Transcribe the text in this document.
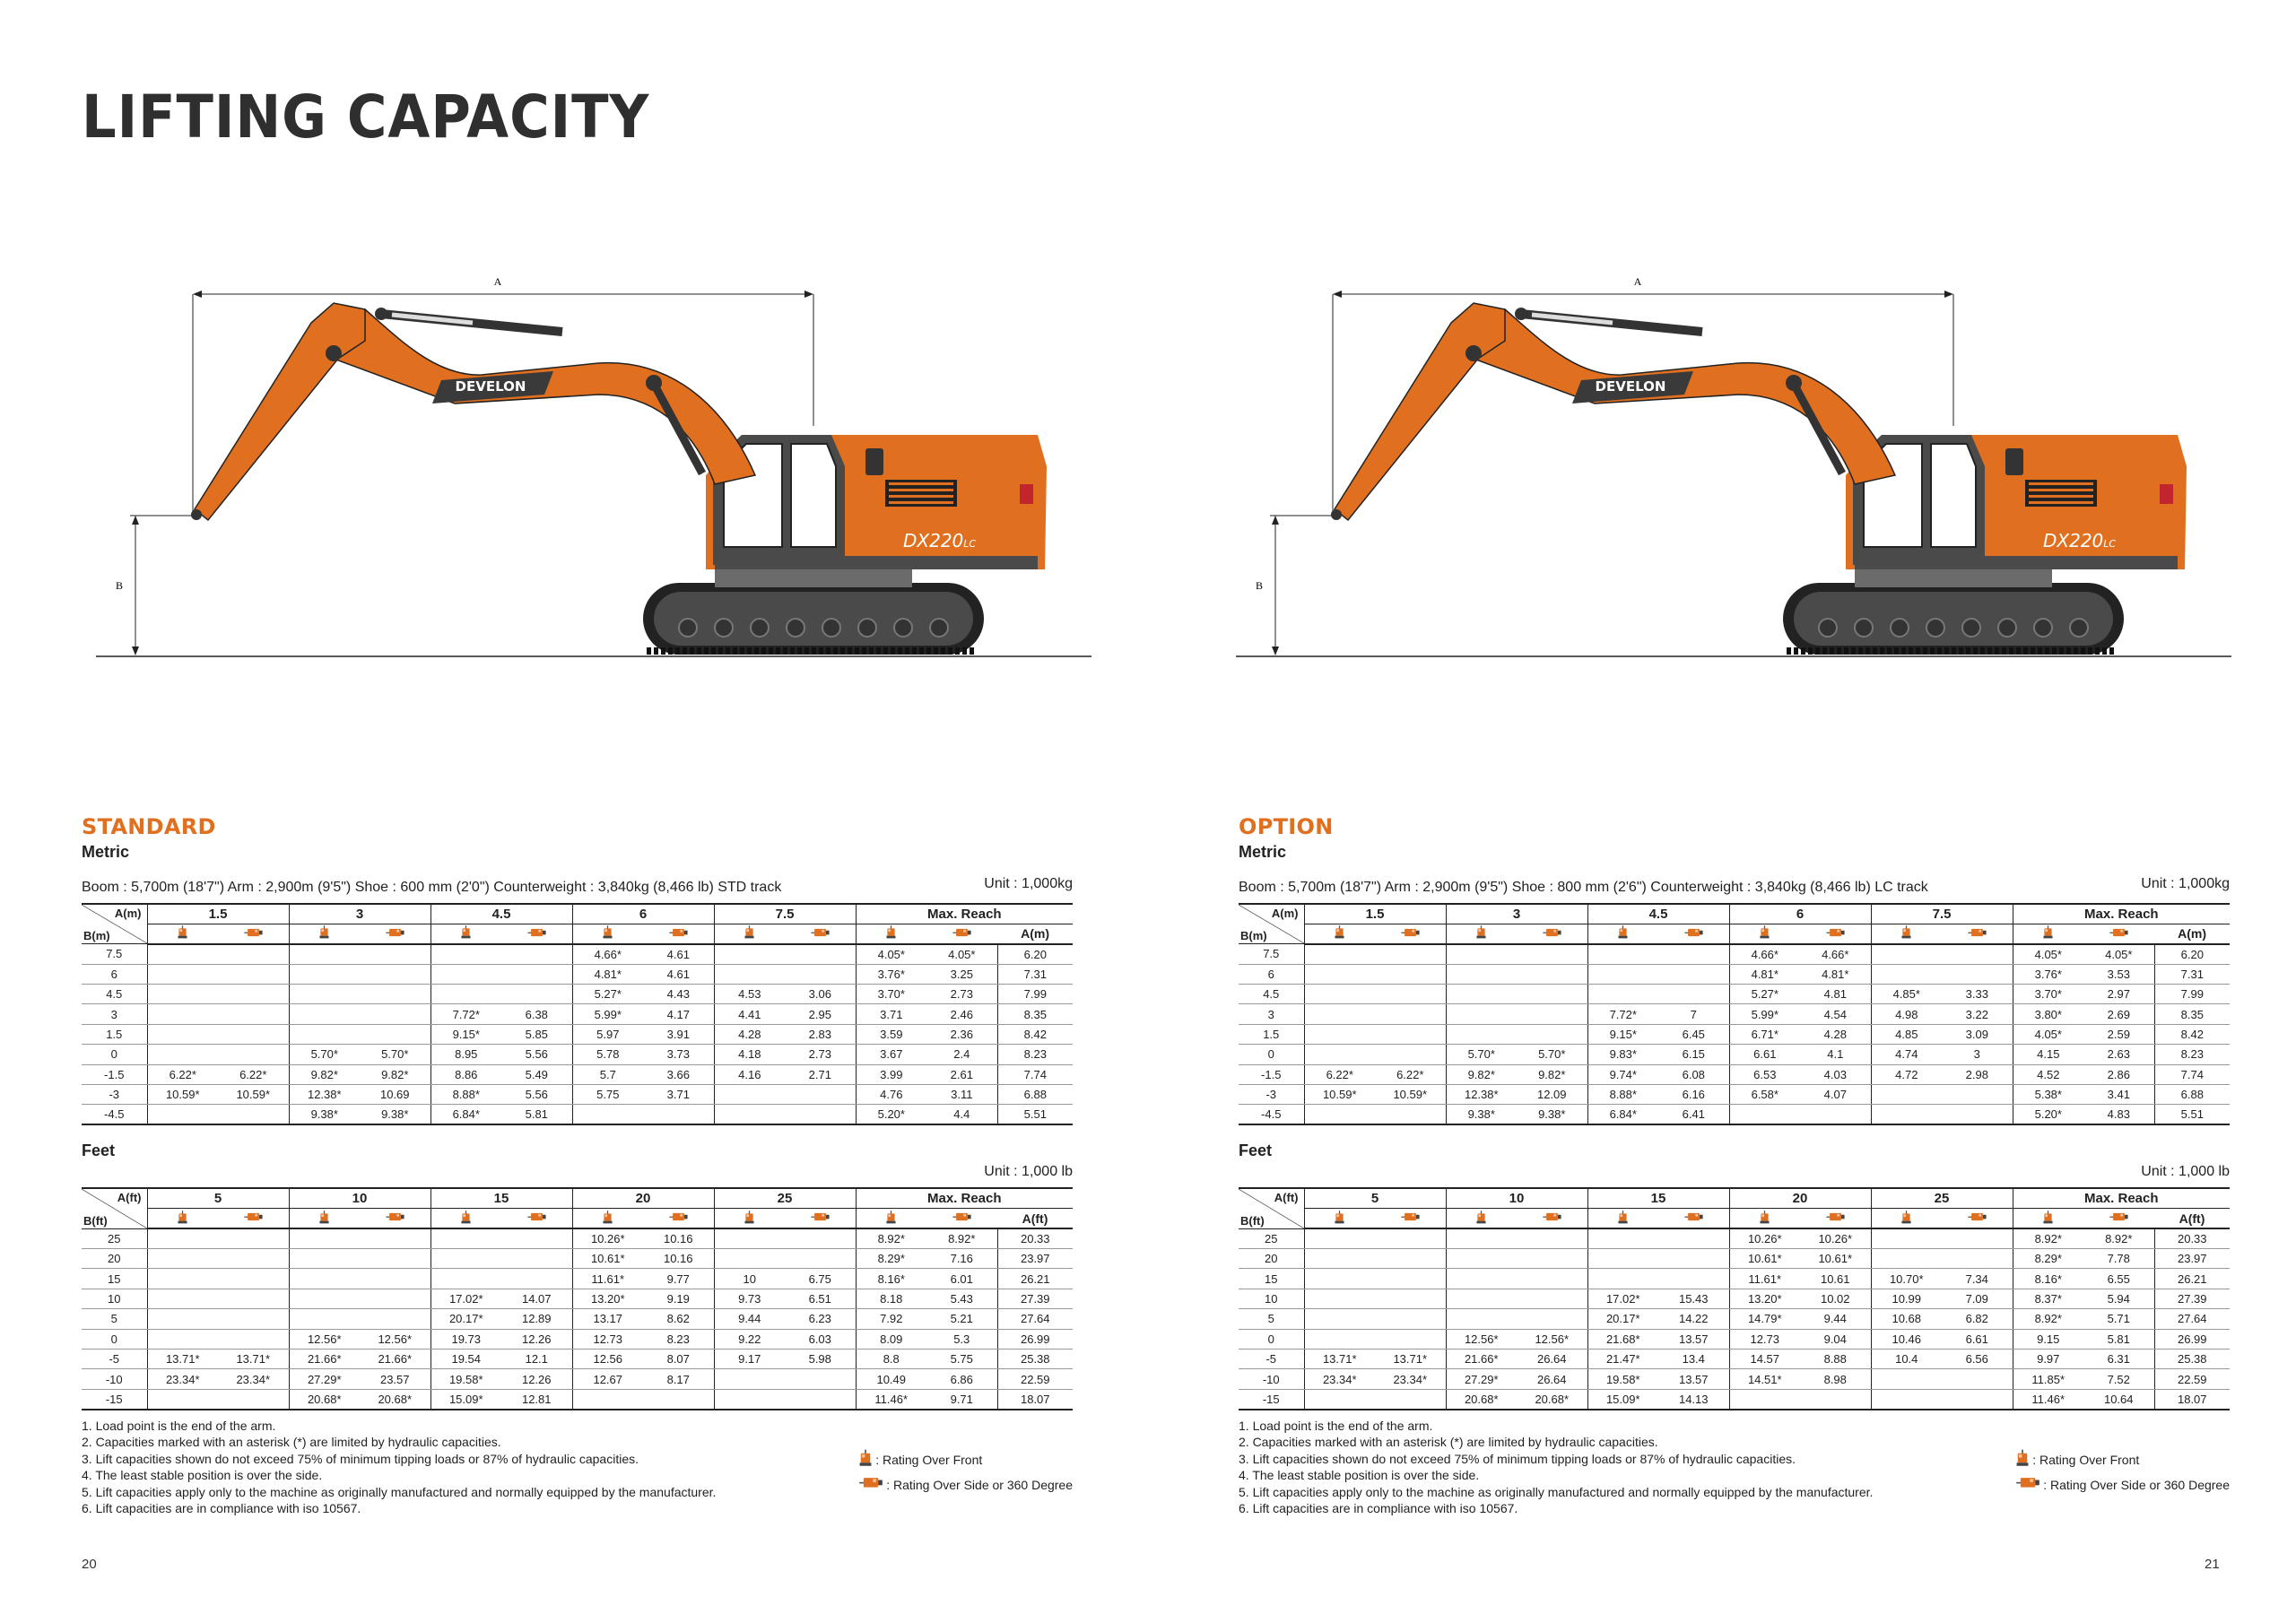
LIFTING CAPACITY
A
B
DX220LC
DEVELON
A
B
DX220LC
DEVELON
STANDARD
Metric
Boom : 5,700m (18'7") Arm : 2,900m (9'5") Shoe : 600 mm (2'0") Counterweight : 3,840kg (8,466 lb) STD track	Unit : 1,000kg
A(m)
B(m)	1.5		3		4.5		6		7.5		Max. Reach		
												A(m)
7.5							4.66*	4.61			4.05*	4.05*	6.20
6							4.81*	4.61			3.76*	3.25	7.31
4.5							5.27*	4.43	4.53	3.06	3.70*	2.73	7.99
3					7.72*	6.38	5.99*	4.17	4.41	2.95	3.71	2.46	8.35
1.5					9.15*	5.85	5.97	3.91	4.28	2.83	3.59	2.36	8.42
0			5.70*	5.70*	8.95	5.56	5.78	3.73	4.18	2.73	3.67	2.4	8.23
-1.5	6.22*	6.22*	9.82*	9.82*	8.86	5.49	5.7	3.66	4.16	2.71	3.99	2.61	7.74
-3	10.59*	10.59*	12.38*	10.69	8.88*	5.56	5.75	3.71			4.76	3.11	6.88
-4.5			9.38*	9.38*	6.84*	5.81					5.20*	4.4	5.51
Feet
Unit : 1,000 lb
A(ft)
B(ft)	5		10		15		20		25		Max. Reach		
												A(ft)
25							10.26*	10.16			8.92*	8.92*	20.33
20							10.61*	10.16			8.29*	7.16	23.97
15							11.61*	9.77	10	6.75	8.16*	6.01	26.21
10					17.02*	14.07	13.20*	9.19	9.73	6.51	8.18	5.43	27.39
5					20.17*	12.89	13.17	8.62	9.44	6.23	7.92	5.21	27.64
0			12.56*	12.56*	19.73	12.26	12.73	8.23	9.22	6.03	8.09	5.3	26.99
-5	13.71*	13.71*	21.66*	21.66*	19.54	12.1	12.56	8.07	9.17	5.98	8.8	5.75	25.38
-10	23.34*	23.34*	27.29*	23.57	19.58*	12.26	12.67	8.17			10.49	6.86	22.59
-15			20.68*	20.68*	15.09*	12.81					11.46*	9.71	18.07
1. Load point is the end of the arm.
2. Capacities marked with an asterisk (*) are limited by hydraulic capacities.
3. Lift capacities shown do not exceed 75% of minimum tipping loads or 87% of hydraulic capacities.
4. The least stable position is over the side.
5. Lift capacities apply only to the machine as originally manufactured and normally equipped by the manufacturer.
6. Lift capacities are in compliance with iso 10567.
: Rating Over Front
: Rating Over Side or 360 Degree
OPTION
Metric
Boom : 5,700m (18'7") Arm : 2,900m (9'5") Shoe : 800 mm (2'6") Counterweight : 3,840kg (8,466 lb) LC track	Unit : 1,000kg
A(m)
B(m)	1.5		3		4.5		6		7.5		Max. Reach		
												A(m)
7.5							4.66*	4.66*			4.05*	4.05*	6.20
6							4.81*	4.81*			3.76*	3.53	7.31
4.5							5.27*	4.81	4.85*	3.33	3.70*	2.97	7.99
3					7.72*	7	5.99*	4.54	4.98	3.22	3.80*	2.69	8.35
1.5					9.15*	6.45	6.71*	4.28	4.85	3.09	4.05*	2.59	8.42
0			5.70*	5.70*	9.83*	6.15	6.61	4.1	4.74	3	4.15	2.63	8.23
-1.5	6.22*	6.22*	9.82*	9.82*	9.74*	6.08	6.53	4.03	4.72	2.98	4.52	2.86	7.74
-3	10.59*	10.59*	12.38*	12.09	8.88*	6.16	6.58*	4.07			5.38*	3.41	6.88
-4.5			9.38*	9.38*	6.84*	6.41					5.20*	4.83	5.51
Feet
Unit : 1,000 lb
A(ft)
B(ft)	5		10		15		20		25		Max. Reach		
												A(ft)
25							10.26*	10.26*			8.92*	8.92*	20.33
20							10.61*	10.61*			8.29*	7.78	23.97
15							11.61*	10.61	10.70*	7.34	8.16*	6.55	26.21
10					17.02*	15.43	13.20*	10.02	10.99	7.09	8.37*	5.94	27.39
5					20.17*	14.22	14.79*	9.44	10.68	6.82	8.92*	5.71	27.64
0			12.56*	12.56*	21.68*	13.57	12.73	9.04	10.46	6.61	9.15	5.81	26.99
-5	13.71*	13.71*	21.66*	26.64	21.47*	13.4	14.57	8.88	10.4	6.56	9.97	6.31	25.38
-10	23.34*	23.34*	27.29*	26.64	19.58*	13.57	14.51*	8.98			11.85*	7.52	22.59
-15			20.68*	20.68*	15.09*	14.13					11.46*	10.64	18.07
1. Load point is the end of the arm.
2. Capacities marked with an asterisk (*) are limited by hydraulic capacities.
3. Lift capacities shown do not exceed 75% of minimum tipping loads or 87% of hydraulic capacities.
4. The least stable position is over the side.
5. Lift capacities apply only to the machine as originally manufactured and normally equipped by the manufacturer.
6. Lift capacities are in compliance with iso 10567.
: Rating Over Front
: Rating Over Side or 360 Degree
20	21
